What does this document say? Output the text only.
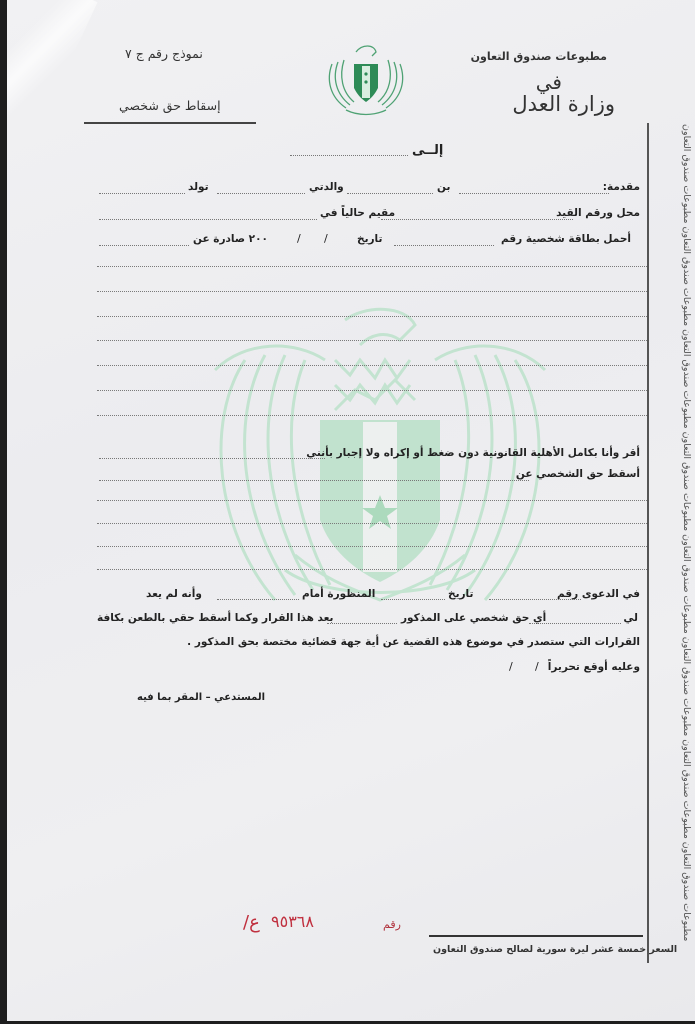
نموذج رقم ج ٧
إسقاط حق شخصي
مطبوعات صندوق التعاون
في
وزارة العدل
مطبوعات صندوق التعاون مطبوعات صندوق التعاون مطبوعات صندوق التعاون مطبوعات صندوق التعاون مطبوعات صندوق التعاون مطبوعات صندوق التعاون مطبوعات صندوق التعاون مطبوعات صندوق التعاون
إلــى
مقدمة:
بن
والدتي
تولد
محل ورقم القيد
مقيم حالياً في
أحمل بطاقة شخصية رقم
تاريخ
/
/
٢٠٠ صادرة عن
أقر وأنا بكامل الأهلية القانونية دون ضغط أو إكراه ولا إجبار بأنني
أسقط حق الشخصي عن
في الدعوى رقم
تاريخ
المنظورة أمام
وأنه لم يعد
لي
أي حق شخصي على المذكور
بعد هذا القرار وكما أسقط حقي بالطعن بكافة
القرارات التي ستصدر في موضوع هذه القضية عن أية جهة قضائية مختصة بحق المذكور .
وعليه أوقع تحريراً
/
/
المستدعي – المقر بما فيه
رقم
٩٥٣٦٨
ع/
السعر خمسة عشر ليرة سورية لصالح صندوق التعاون
